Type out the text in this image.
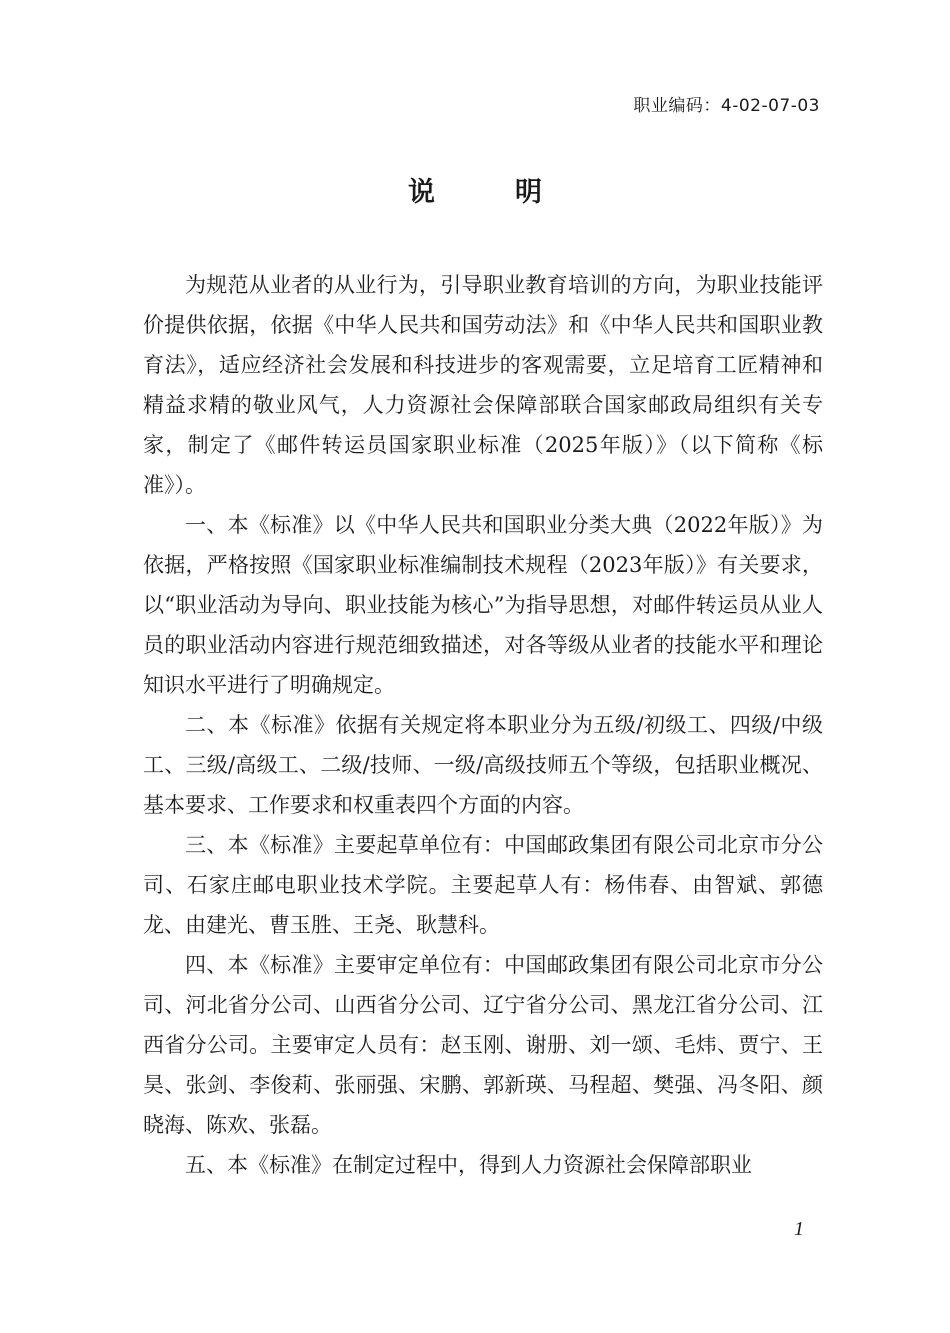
职业编码：4-02-07-03
说明

为规范从业者的从业行为，引导职业教育培训的方向，为职业技能评价提供依据，依据《中华人民共和国劳动法》和《中华人民共和国职业教育法》，适应经济社会发展和科技进步的客观需要，立足培育工匠精神和精益求精的敬业风气，人力资源社会保障部联合国家邮政局组织有关专家，制定了《邮件转运员国家职业标准（2025年版）》（以下简称《标准》）。

一、本《标准》以《中华人民共和国职业分类大典（2022年版）》为依据，严格按照《国家职业标准编制技术规程（2023年版）》有关要求，以“职业活动为导向、职业技能为核心”为指导思想，对邮件转运员从业人员的职业活动内容进行规范细致描述，对各等级从业者的技能水平和理论知识水平进行了明确规定。

二、本《标准》依据有关规定将本职业分为五级/初级工、四级/中级工、三级/高级工、二级/技师、一级/高级技师五个等级，包括职业概况、基本要求、工作要求和权重表四个方面的内容。

三、本《标准》主要起草单位有：中国邮政集团有限公司北京市分公司、石家庄邮电职业技术学院。主要起草人有：杨伟春、由智斌、郭德龙、由建光、曹玉胜、王尧、耿慧科。

四、本《标准》主要审定单位有：中国邮政集团有限公司北京市分公司、河北省分公司、山西省分公司、辽宁省分公司、黑龙江省分公司、江西省分公司。主要审定人员有：赵玉刚、谢册、刘一颂、毛炜、贾宁、王昊、张剑、李俊莉、张丽强、宋鹏、郭新瑛、马程超、樊强、冯冬阳、颜晓海、陈欢、张磊。

五、本《标准》在制定过程中，得到人力资源社会保障部职业

1
